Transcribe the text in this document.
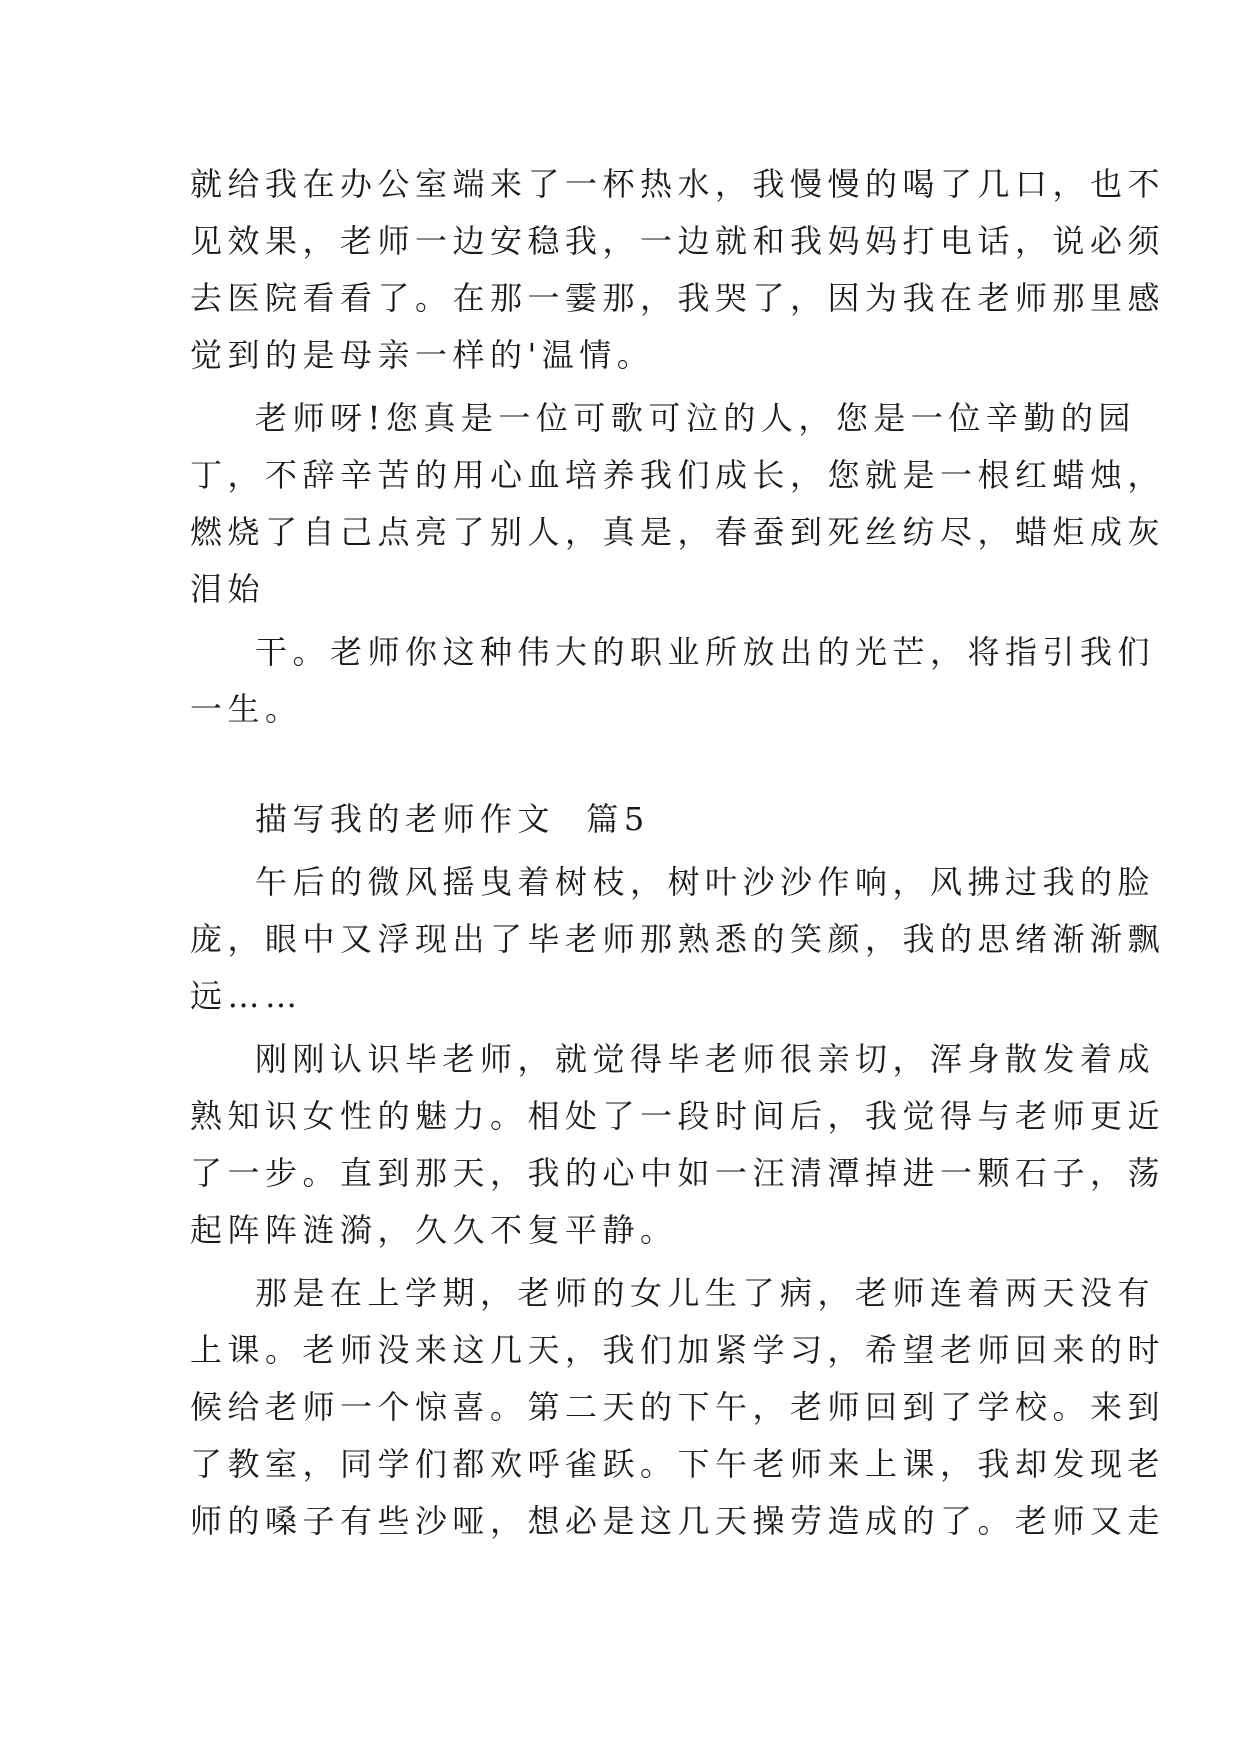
就给我在办公室端来了一杯热水，我慢慢的喝了几口，也不

见效果，老师一边安稳我，一边就和我妈妈打电话，说必须

去医院看看了。在那一霎那，我哭了，因为我在老师那里感

觉到的是母亲一样的'温情。

老师呀!您真是一位可歌可泣的人，您是一位辛勤的园

丁，不辞辛苦的用心血培养我们成长，您就是一根红蜡烛，

燃烧了自己点亮了别人，真是，春蚕到死丝纺尽，蜡炬成灰

泪始

干。老师你这种伟大的职业所放出的光芒，将指引我们

一生。

描写我的老师作文  篇5

午后的微风摇曳着树枝，树叶沙沙作响，风拂过我的脸

庞，眼中又浮现出了毕老师那熟悉的笑颜，我的思绪渐渐飘

远……

刚刚认识毕老师，就觉得毕老师很亲切，浑身散发着成

熟知识女性的魅力。相处了一段时间后，我觉得与老师更近

了一步。直到那天，我的心中如一汪清潭掉进一颗石子，荡

起阵阵涟漪，久久不复平静。

那是在上学期，老师的女儿生了病，老师连着两天没有

上课。老师没来这几天，我们加紧学习，希望老师回来的时

候给老师一个惊喜。第二天的下午，老师回到了学校。来到

了教室，同学们都欢呼雀跃。下午老师来上课，我却发现老

师的嗓子有些沙哑，想必是这几天操劳造成的了。老师又走
